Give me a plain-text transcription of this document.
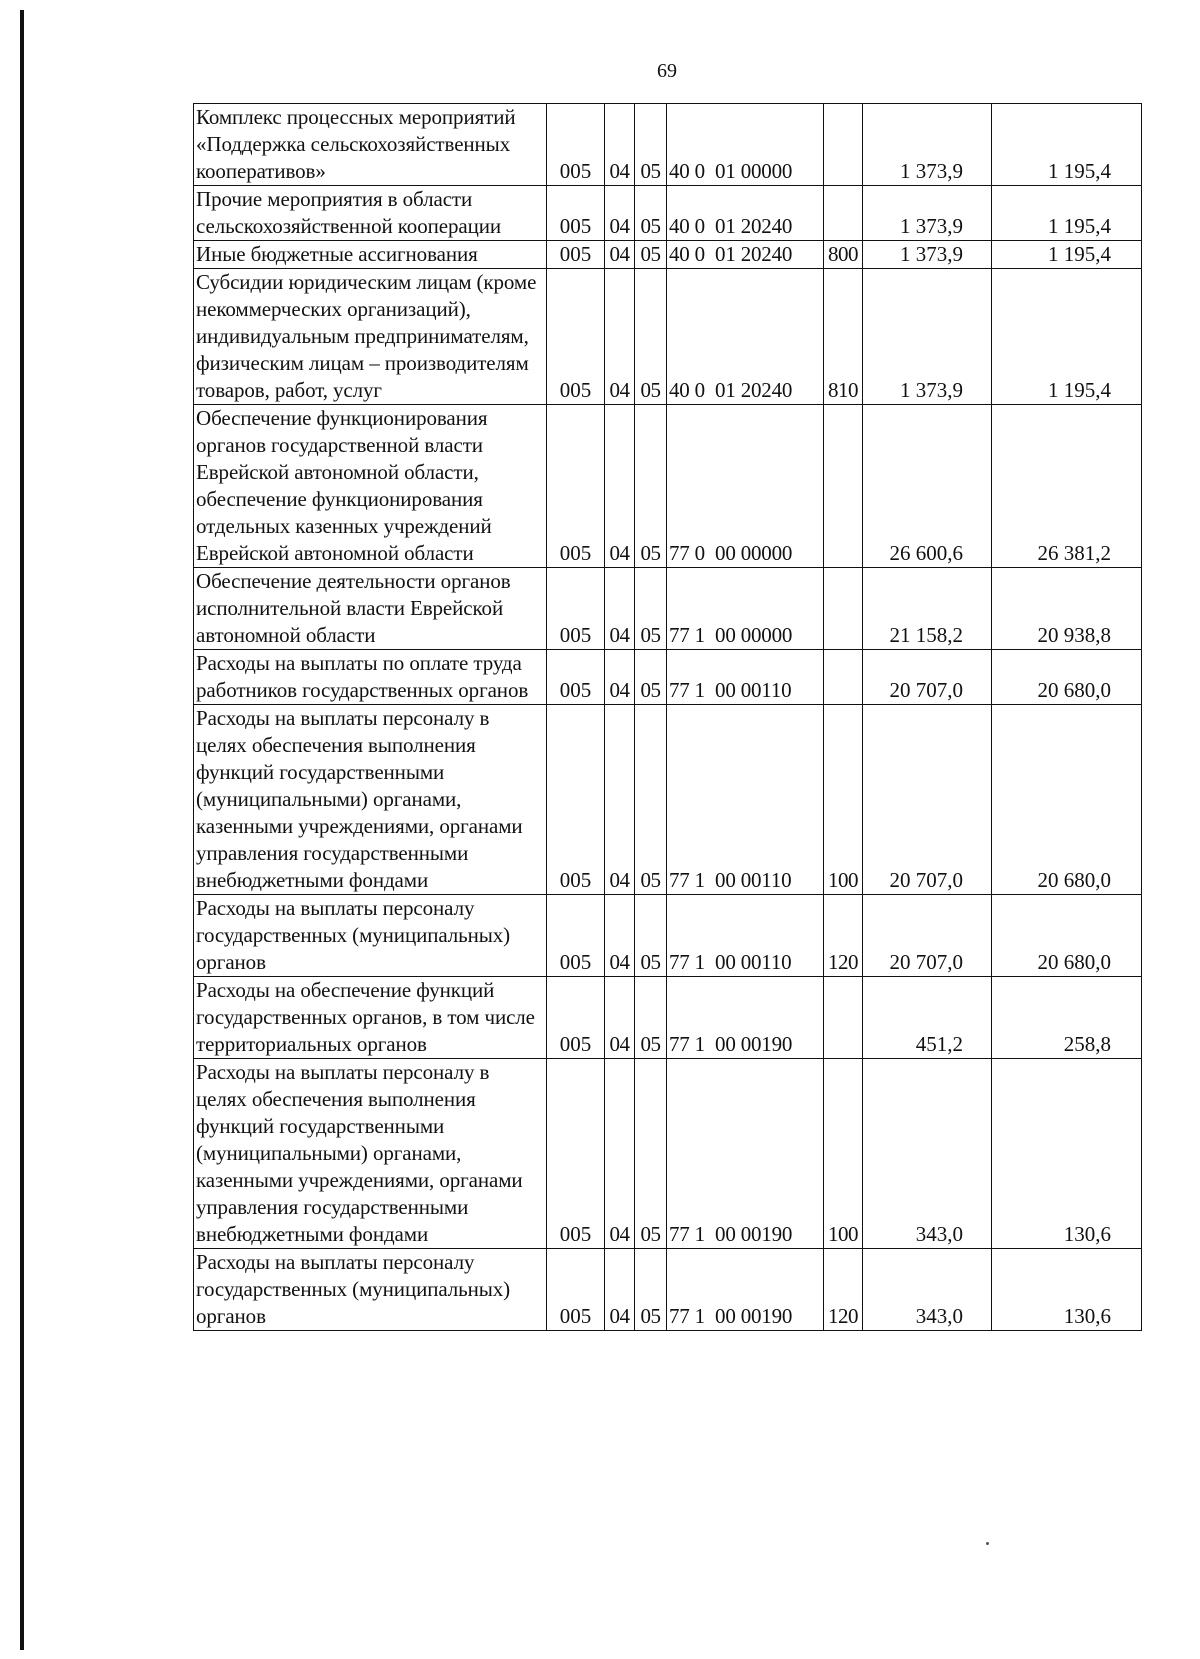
69
Комплекс процессных мероприятий «Поддержка сельскохозяйственных кооперативов»	005	04	05	40 0  01 00000		1 373,9	1 195,4
Прочие мероприятия в области сельскохозяйственной кооперации	005	04	05	40 0  01 20240		1 373,9	1 195,4
Иные бюджетные ассигнования	005	04	05	40 0  01 20240	800	1 373,9	1 195,4
Субсидии юридическим лицам (кроме некоммерческих организаций), индивидуальным предпринимателям, физическим лицам – производителям товаров, работ, услуг	005	04	05	40 0  01 20240	810	1 373,9	1 195,4
Обеспечение функционирования органов государственной власти Еврейской автономной области, обеспечение функционирования отдельных казенных учреждений Еврейской автономной области	005	04	05	77 0  00 00000		26 600,6	26 381,2
Обеспечение деятельности органов исполнительной власти Еврейской автономной области	005	04	05	77 1  00 00000		21 158,2	20 938,8
Расходы на выплаты по оплате труда работников государственных органов	005	04	05	77 1  00 00110		20 707,0	20 680,0
Расходы на выплаты персоналу в целях обеспечения выполнения функций государственными (муниципальными) органами, казенными учреждениями, органами управления государственными внебюджетными фондами	005	04	05	77 1  00 00110	100	20 707,0	20 680,0
Расходы на выплаты персоналу государственных (муниципальных) органов	005	04	05	77 1  00 00110	120	20 707,0	20 680,0
Расходы на обеспечение функций государственных органов, в том числе территориальных органов	005	04	05	77 1  00 00190		451,2	258,8
Расходы на выплаты персоналу в целях обеспечения выполнения функций государственными (муниципальными) органами, казенными учреждениями, органами управления государственными внебюджетными фондами	005	04	05	77 1  00 00190	100	343,0	130,6
Расходы на выплаты персоналу государственных (муниципальных) органов	005	04	05	77 1  00 00190	120	343,0	130,6
